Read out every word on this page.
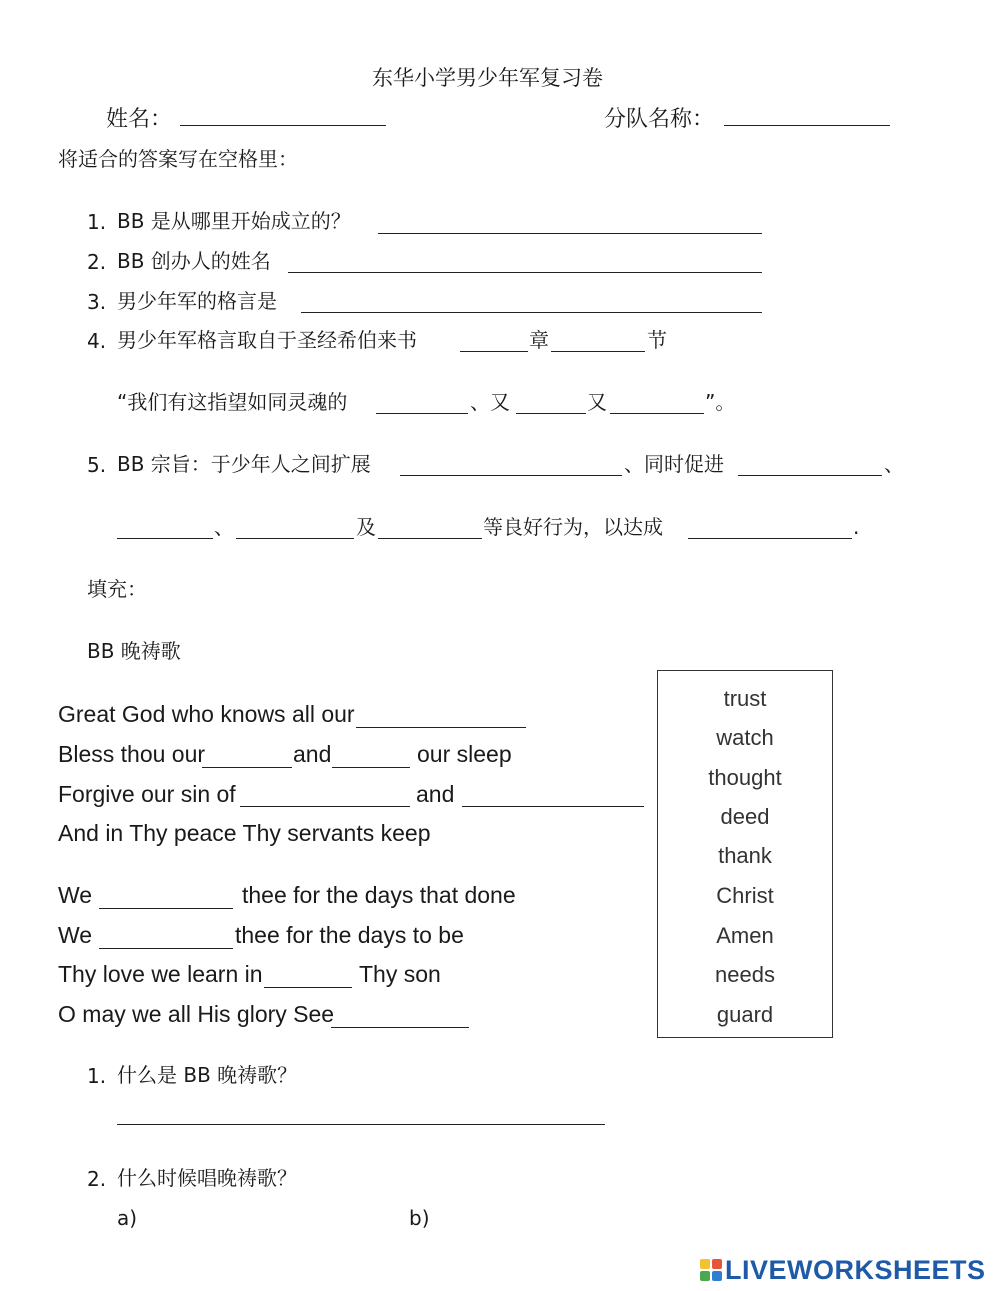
东华小学男少年军复习卷
姓名：	分队名称：
将适合的答案写在空格里：
1. BB 是从哪里开始成立的？
2. BB 创办人的姓名
3. 男少年军的格言是
4. 男少年军格言取自于圣经希伯来书	章	节
“我们有这指望如同灵魂的	、又	又	”。
5. BB 宗旨：于少年人之间扩展	、同时促进	、
、	及	等良好行为，以达成	.
填充：
BB 晚祷歌
Great God who knows all our
Bless thou our	and	our sleep
Forgive our sin of	and
And in Thy peace Thy servants keep
We	thee for the days that done
We	thee for the days to be
Thy love we learn in	Thy son
O may we all His glory See
trust
watch
thought
deed
thank
Christ
Amen
needs
guard
1. 什么是 BB 晚祷歌？
2. 什么时候唱晚祷歌？
a)	b)
LIVEWORKSHEETS
